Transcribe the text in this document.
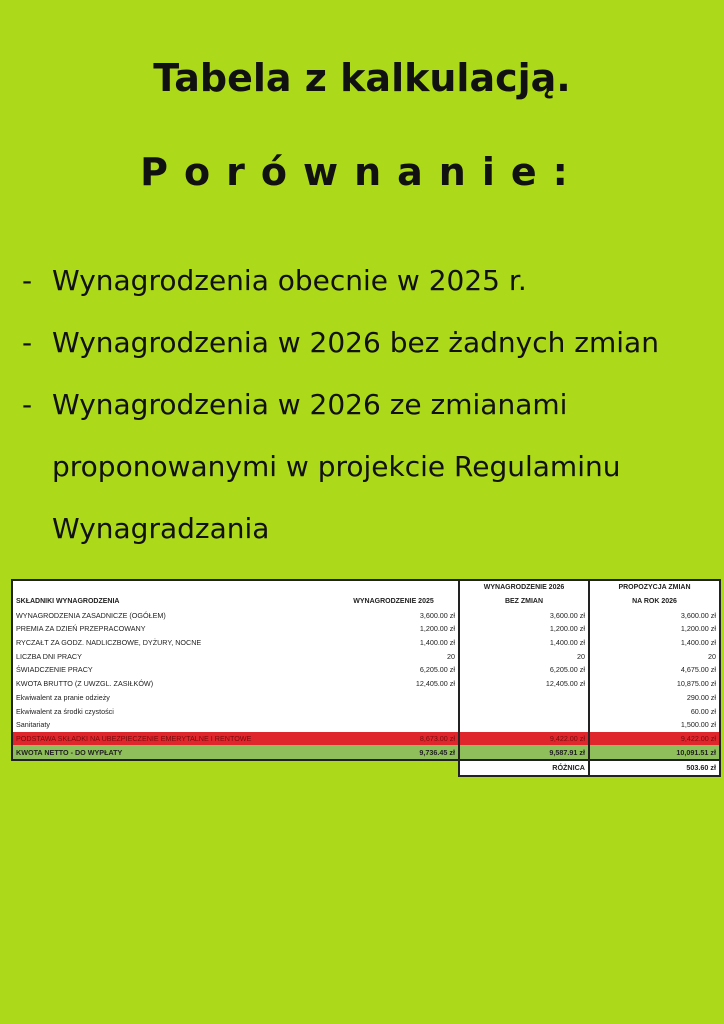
Tabela z kalkulacją.
Porównanie:
- Wynagrodzenia obecnie w 2025 r.
- Wynagrodzenia w 2026 bez żadnych zmian
- Wynagrodzenia w 2026 ze zmianami proponowanymi w projekcie Regulaminu Wynagradzania
		WYNAGRODZENIE 2026	PROPOZYCJA ZMIAN
SKŁADNIKI WYNAGRODZENIA	WYNAGRODZENIE 2025	BEZ ZMIAN	NA ROK 2026
WYNAGRODZENIA ZASADNICZE (OGÓŁEM)	3,600.00 zł	3,600.00 zł	3,600.00 zł
PREMIA ZA DZIEŃ PRZEPRACOWANY	1,200.00 zł	1,200.00 zł	1,200.00 zł
RYCZAŁT ZA GODZ. NADLICZBOWE, DYŻURY, NOCNE	1,400.00 zł	1,400.00 zł	1,400.00 zł
LICZBA DNI PRACY	20	20	20
ŚWIADCZENIE PRACY	6,205.00 zł	6,205.00 zł	4,675.00 zł
KWOTA BRUTTO (Z UWZGL. ZASIŁKÓW)	12,405.00 zł	12,405.00 zł	10,875.00 zł
Ekwiwalent za pranie odzieży			290.00 zł
Ekwiwalent za środki czystości			60.00 zł
Sanitariaty			1,500.00 zł
PODSTAWA SKŁADKI NA UBEZPIECZENIE EMERYTALNE I RENTOWE	8,673.00 zł	9,422.00 zł	9,422.00 zł
KWOTA NETTO - DO WYPŁATY	9,736.45 zł	9,587.91 zł	10,091.51 zł
		RÓŻNICA	503.60 zł
